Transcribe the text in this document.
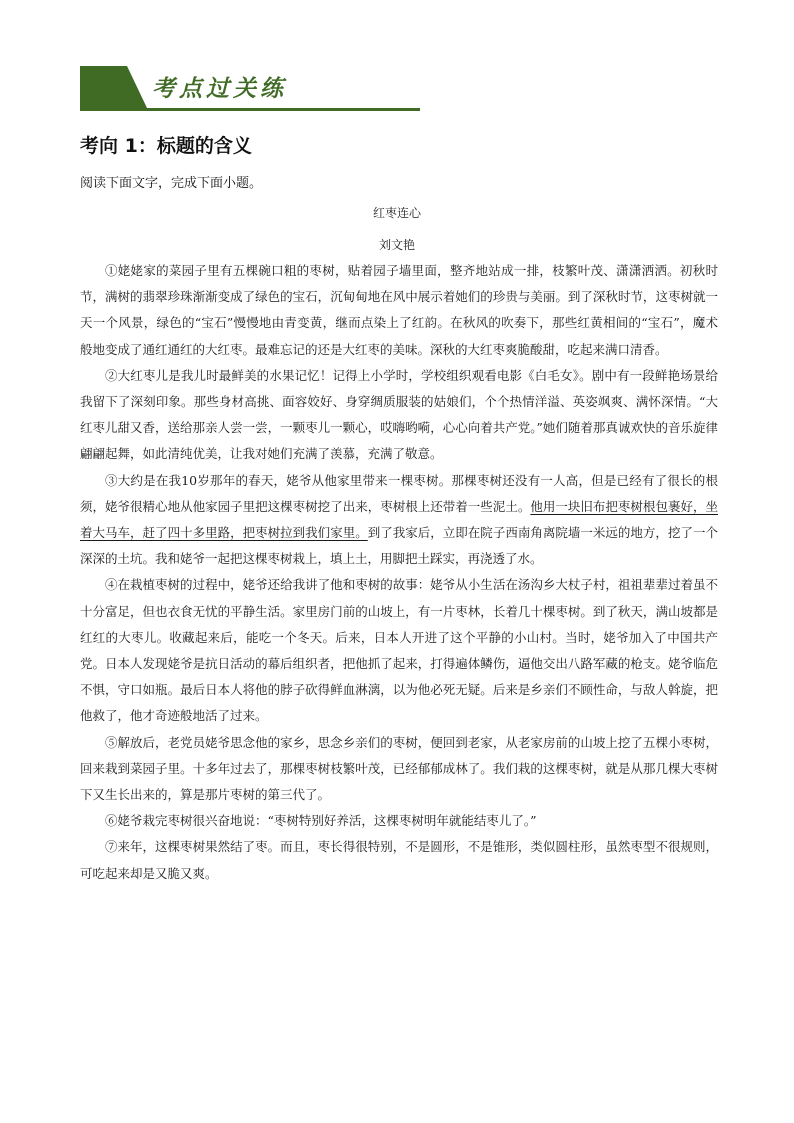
考点过关练
考向 1：标题的含义
阅读下面文字，完成下面小题。
红枣连心
刘文艳

①姥姥家的菜园子里有五棵碗口粗的枣树，贴着园子墙里面，整齐地站成一排，枝繁叶茂、潇潇洒洒。初秋时节，满树的翡翠珍珠渐渐变成了绿色的宝石，沉甸甸地在风中展示着她们的珍贵与美丽。到了深秋时节，这枣树就一天一个风景，绿色的“宝石”慢慢地由青变黄，继而点染上了红韵。在秋风的吹奏下，那些红黄相间的“宝石”，魔术般地变成了通红通红的大红枣。最难忘记的还是大红枣的美味。深秋的大红枣爽脆酸甜，吃起来满口清香。

②大红枣儿是我儿时最鲜美的水果记忆！记得上小学时，学校组织观看电影《白毛女》。剧中有一段鲜艳场景给我留下了深刻印象。那些身材高挑、面容姣好、身穿绸质服装的姑娘们，个个热情洋溢、英姿飒爽、满怀深情。“大红枣儿甜又香，送给那亲人尝一尝，一颗枣儿一颗心，哎嗨哟嗬，心心向着共产党。”她们随着那真诚欢快的音乐旋律翩翩起舞，如此清纯优美，让我对她们充满了羡慕，充满了敬意。

③大约是在我10岁那年的春天，姥爷从他家里带来一棵枣树。那棵枣树还没有一人高，但是已经有了很长的根须，姥爷很精心地从他家园子里把这棵枣树挖了出来，枣树根上还带着一些泥土。他用一块旧布把枣树根包裹好，坐着大马车，赶了四十多里路，把枣树拉到我们家里。到了我家后，立即在院子西南角离院墙一米远的地方，挖了一个深深的土坑。我和姥爷一起把这棵枣树栽上，填上土，用脚把土踩实，再浇透了水。

④在栽植枣树的过程中，姥爷还给我讲了他和枣树的故事：姥爷从小生活在汤沟乡大杖子村，祖祖辈辈过着虽不十分富足，但也衣食无忧的平静生活。家里房门前的山坡上，有一片枣林，长着几十棵枣树。到了秋天，满山坡都是红红的大枣儿。收藏起来后，能吃一个冬天。后来，日本人开进了这个平静的小山村。当时，姥爷加入了中国共产党。日本人发现姥爷是抗日活动的幕后组织者，把他抓了起来，打得遍体鳞伤，逼他交出八路军藏的枪支。姥爷临危不惧，守口如瓶。最后日本人将他的脖子砍得鲜血淋漓，以为他必死无疑。后来是乡亲们不顾性命，与敌人斡旋，把他救了，他才奇迹般地活了过来。

⑤解放后，老党员姥爷思念他的家乡，思念乡亲们的枣树，便回到老家，从老家房前的山坡上挖了五棵小枣树，回来栽到菜园子里。十多年过去了，那棵枣树枝繁叶茂，已经郁郁成林了。我们栽的这棵枣树，就是从那几棵大枣树下又生长出来的，算是那片枣树的第三代了。

⑥姥爷栽完枣树很兴奋地说：“枣树特别好养活，这棵枣树明年就能结枣儿了。”

⑦来年，这棵枣树果然结了枣。而且，枣长得很特别，不是圆形，不是锥形，类似圆柱形，虽然枣型不很规则，可吃起来却是又脆又爽。
